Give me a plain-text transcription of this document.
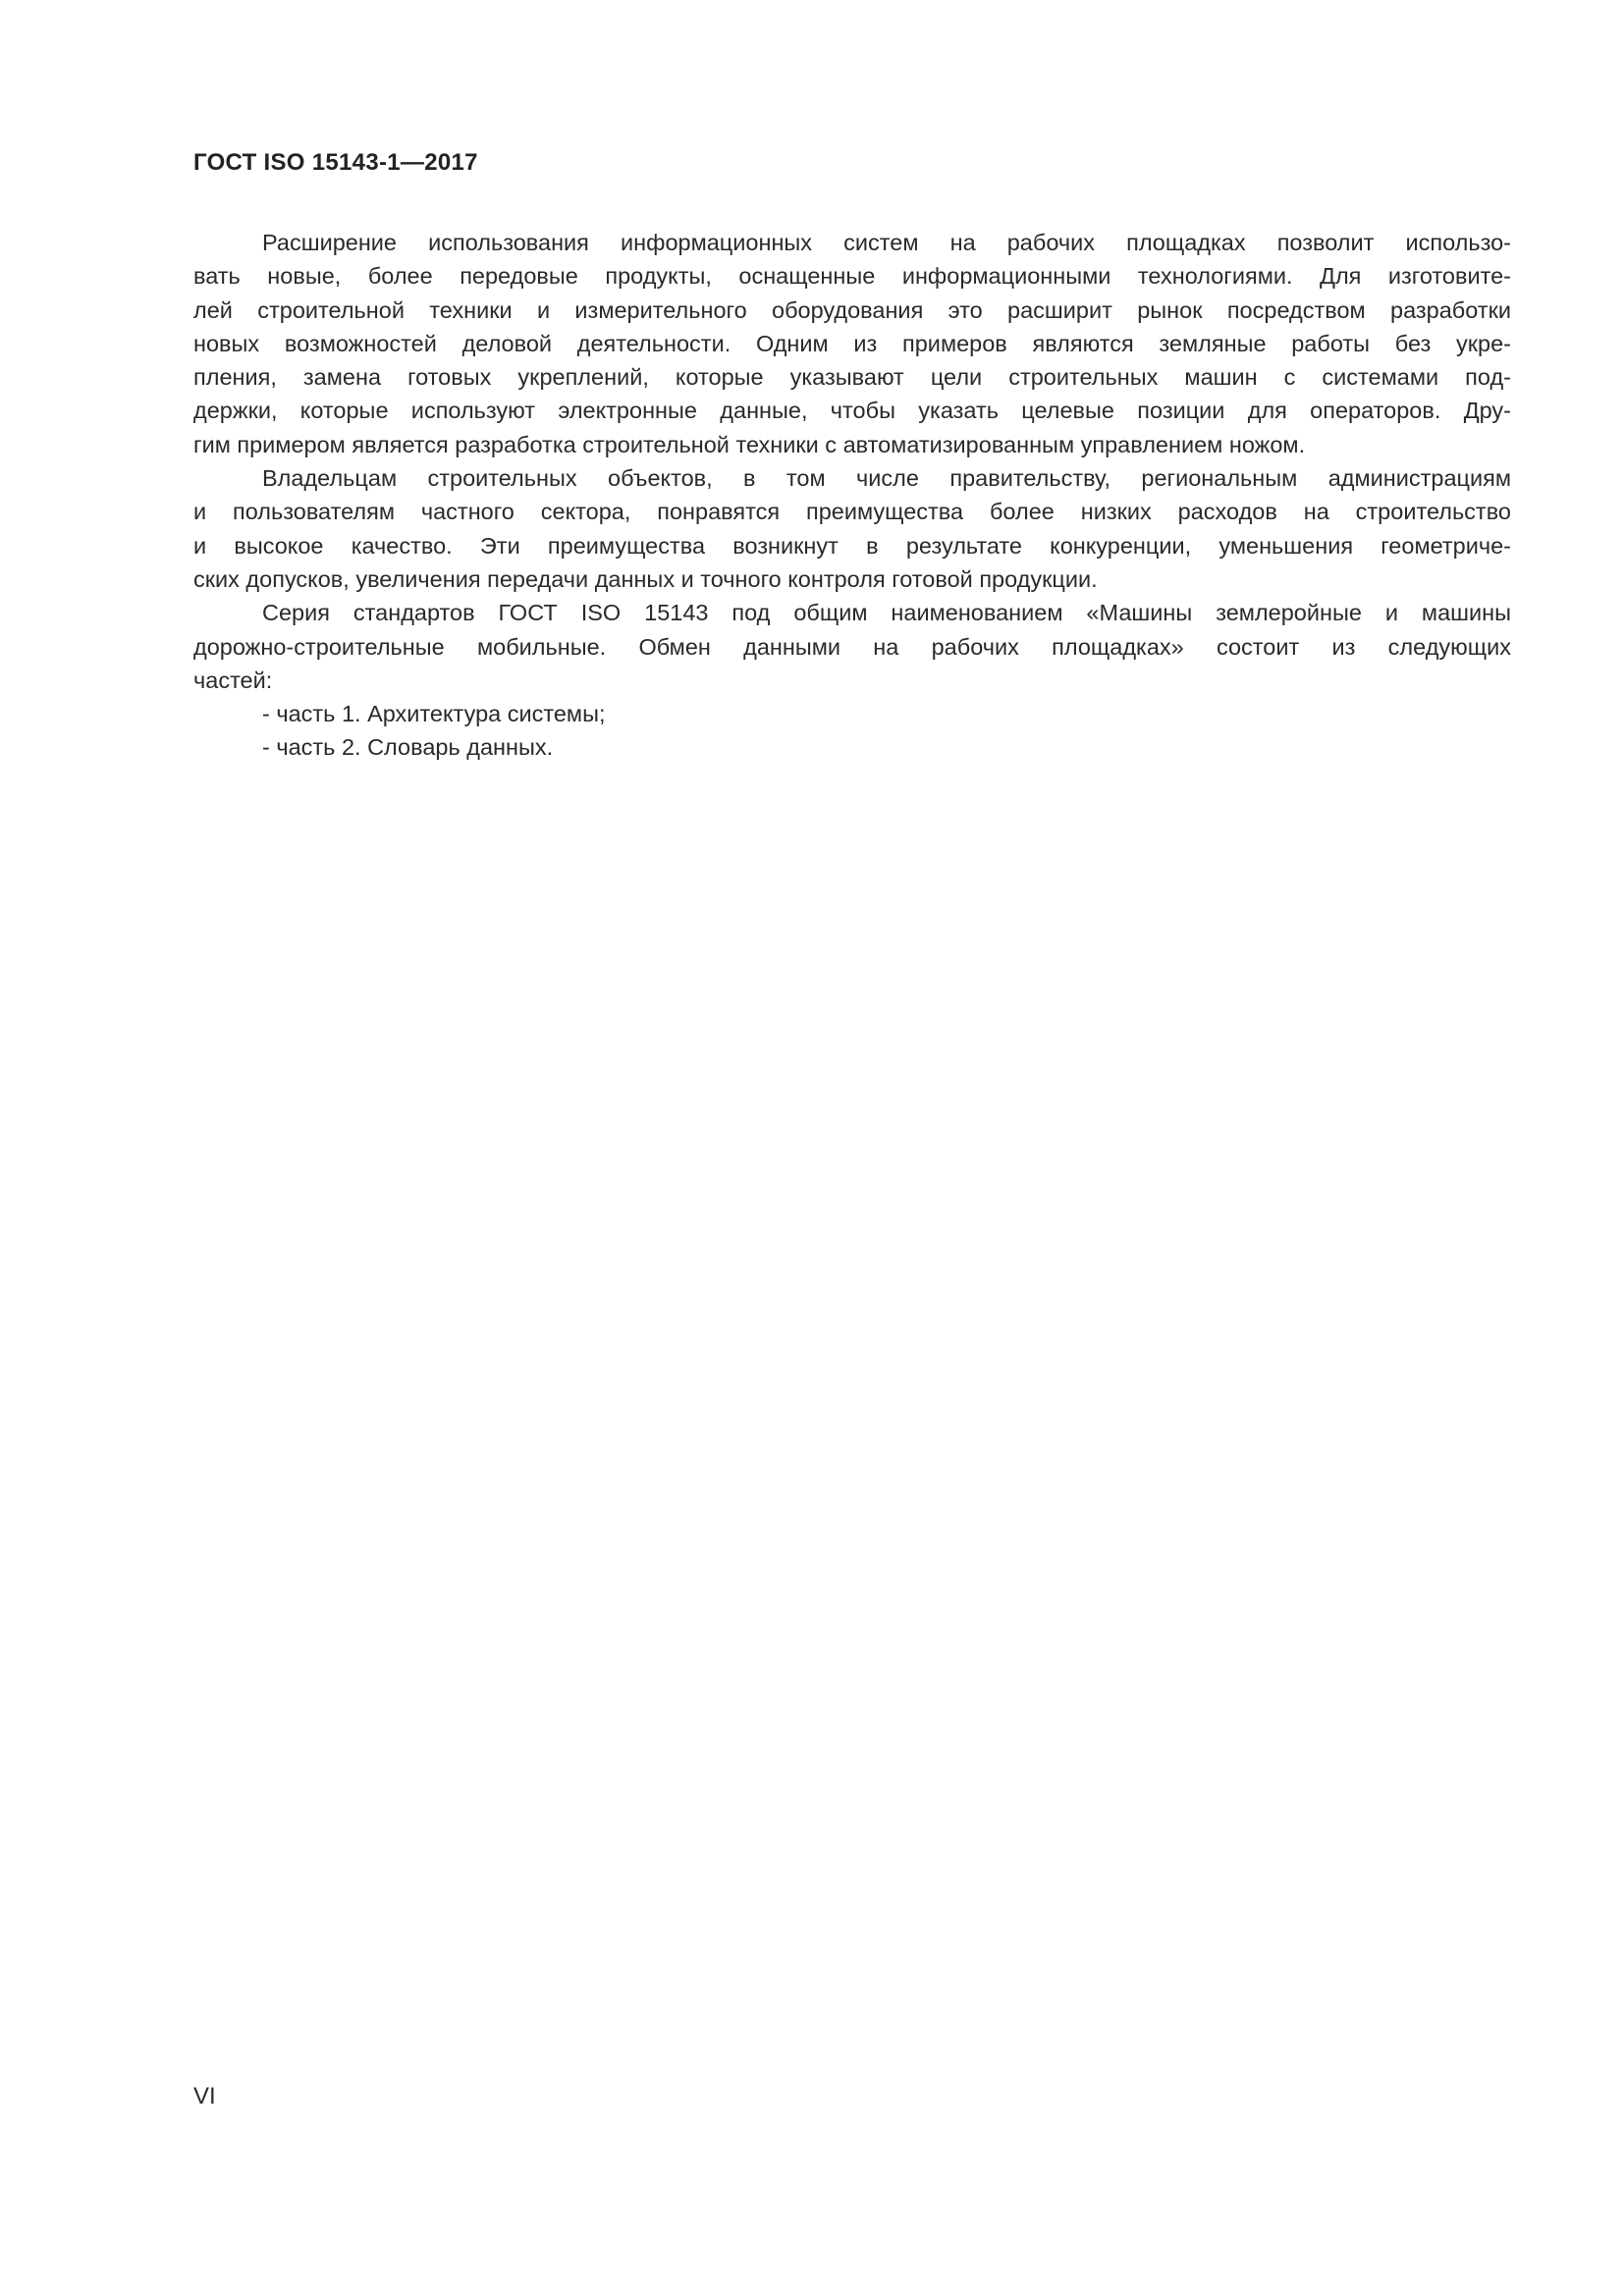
ГОСТ ISO 15143-1—2017
Расширение использования информационных систем на рабочих площадках позволит использо-
вать новые, более передовые продукты, оснащенные информационными технологиями. Для изготовите-
лей строительной техники и измерительного оборудования это расширит рынок посредством разработки
новых возможностей деловой деятельности. Одним из примеров являются земляные работы без укре-
пления, замена готовых укреплений, которые указывают цели строительных машин с системами под-
держки, которые используют электронные данные, чтобы указать целевые позиции для операторов. Дру-
гим примером является разработка строительной техники с автоматизированным управлением ножом.
Владельцам строительных объектов, в том числе правительству, региональным администрациям
и пользователям частного сектора, понравятся преимущества более низких расходов на строительство
и высокое качество. Эти преимущества возникнут в результате конкуренции, уменьшения геометриче-
ских допусков, увеличения передачи данных и точного контроля готовой продукции.
Серия стандартов ГОСТ ISO 15143 под общим наименованием «Машины землеройные и машины
дорожно-строительные мобильные. Обмен данными на рабочих площадках» состоит из следующих
частей:
- часть 1. Архитектура системы;
- часть 2. Словарь данных.
VI
